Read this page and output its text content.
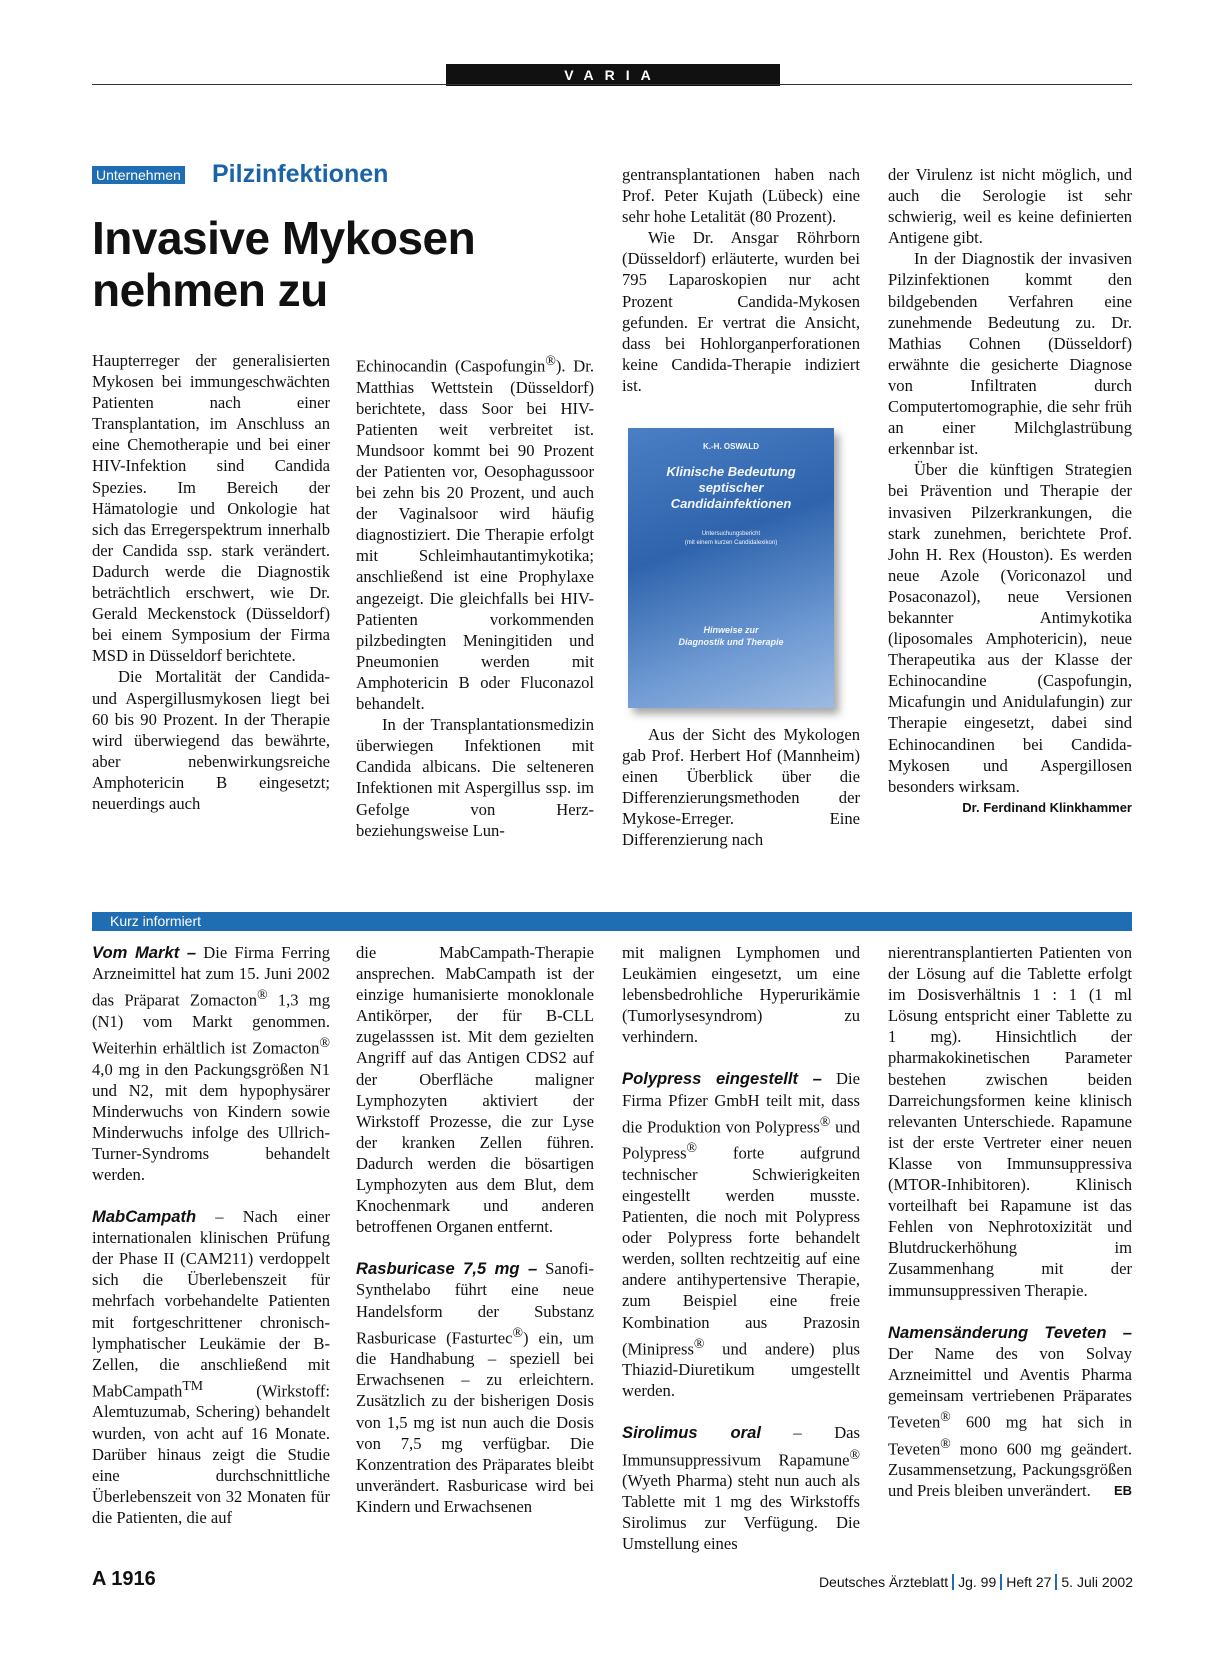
VARIA
Unternehmen Pilzinfektionen
Invasive Mykosen
nehmen zu

Haupterreger der generalisierten Mykosen bei immungeschwächten Patienten nach einer Transplantation, im Anschluss an eine Chemotherapie und bei einer HIV-Infektion sind Candida Spezies. Im Bereich der Hämatologie und Onkologie hat sich das Erregerspektrum innerhalb der Candida ssp. stark verändert. Dadurch werde die Diagnostik beträchtlich erschwert, wie Dr. Gerald Meckenstock (Düsseldorf) bei einem Symposium der Firma MSD in Düsseldorf berichtete.

Die Mortalität der Candida- und Aspergillusmykosen liegt bei 60 bis 90 Prozent. In der Therapie wird überwiegend das bewährte, aber nebenwirkungsreiche Amphotericin B eingesetzt; neuerdings auch

Echinocandin (Caspofungin®). Dr. Matthias Wettstein (Düsseldorf) berichtete, dass Soor bei HIV-Patienten weit verbreitet ist. Mundsoor kommt bei 90 Prozent der Patienten vor, Oesophagussoor bei zehn bis 20 Prozent, und auch der Vaginalsoor wird häufig diagnostiziert. Die Therapie erfolgt mit Schleimhautantimykotika; anschließend ist eine Prophylaxe angezeigt. Die gleichfalls bei HIV-Patienten vorkommenden pilzbedingten Meningitiden und Pneumonien werden mit Amphotericin B oder Fluconazol behandelt.

In der Transplantationsmedizin überwiegen Infektionen mit Candida albicans. Die selteneren Infektionen mit Aspergillus ssp. im Gefolge von Herz- beziehungsweise Lun-

gentransplantationen haben nach Prof. Peter Kujath (Lübeck) eine sehr hohe Letalität (80 Prozent).

Wie Dr. Ansgar Röhrborn (Düsseldorf) erläuterte, wurden bei 795 Laparoskopien nur acht Prozent Candida-Mykosen gefunden. Er vertrat die Ansicht, dass bei Hohlorganperforationen keine Candida-Therapie indiziert ist.

K.-H. OSWALD
Klinische Bedeutung
septischer
Candidainfektionen
Untersuchungsbericht
(mit einem kurzen Candidalexikon)
Hinweise zur
Diagnostik und Therapie

Aus der Sicht des Mykologen gab Prof. Herbert Hof (Mannheim) einen Überblick über die Differenzierungsmethoden der Mykose-Erreger. Eine Differenzierung nach

der Virulenz ist nicht möglich, und auch die Serologie ist sehr schwierig, weil es keine definierten Antigene gibt.

In der Diagnostik der invasiven Pilzinfektionen kommt den bildgebenden Verfahren eine zunehmende Bedeutung zu. Dr. Mathias Cohnen (Düsseldorf) erwähnte die gesicherte Diagnose von Infiltraten durch Computertomographie, die sehr früh an einer Milchglastrübung erkennbar ist.

Über die künftigen Strategien bei Prävention und Therapie der invasiven Pilzerkrankungen, die stark zunehmen, berichtete Prof. John H. Rex (Houston). Es werden neue Azole (Voriconazol und Posaconazol), neue Versionen bekannter Antimykotika (liposomales Amphotericin), neue Therapeutika aus der Klasse der Echinocandine (Caspofungin, Micafungin und Anidulafungin) zur Therapie eingesetzt, dabei sind Echinocandinen bei Candida-Mykosen und Aspergillosen besonders wirksam.
Dr. Ferdinand Klinkhammer

Kurz informiert

Vom Markt – Die Firma Ferring Arzneimittel hat zum 15. Juni 2002 das Präparat Zomacton® 1,3 mg (N1) vom Markt genommen. Weiterhin erhältlich ist Zomacton® 4,0 mg in den Packungsgrößen N1 und N2, mit dem hypophysärer Minderwuchs von Kindern sowie Minderwuchs infolge des Ullrich-Turner-Syndroms behandelt werden.

MabCampath – Nach einer internationalen klinischen Prüfung der Phase II (CAM211) verdoppelt sich die Überlebenszeit für mehrfach vorbehandelte Patienten mit fortgeschrittener chronisch-lymphatischer Leukämie der B-Zellen, die anschließend mit MabCampath™ (Wirkstoff: Alemtuzumab, Schering) behandelt wurden, von acht auf 16 Monate. Darüber hinaus zeigt die Studie eine durchschnittliche Überlebenszeit von 32 Monaten für die Patienten, die auf

die MabCampath-Therapie ansprechen. MabCampath ist der einzige humanisierte monoklonale Antikörper, der für B-CLL zugelasssen ist. Mit dem gezielten Angriff auf das Antigen CDS2 auf der Oberfläche maligner Lymphozyten aktiviert der Wirkstoff Prozesse, die zur Lyse der kranken Zellen führen. Dadurch werden die bösartigen Lymphozyten aus dem Blut, dem Knochenmark und anderen betroffenen Organen entfernt.

Rasburicase 7,5 mg – Sanofi-Synthelabo führt eine neue Handelsform der Substanz Rasburicase (Fasturtec®) ein, um die Handhabung – speziell bei Erwachsenen – zu erleichtern. Zusätzlich zu der bisherigen Dosis von 1,5 mg ist nun auch die Dosis von 7,5 mg verfügbar. Die Konzentration des Präparates bleibt unverändert. Rasburicase wird bei Kindern und Erwachsenen

mit malignen Lymphomen und Leukämien eingesetzt, um eine lebensbedrohliche Hyperurikämie (Tumorlysesyndrom) zu verhindern.

Polypress eingestellt – Die Firma Pfizer GmbH teilt mit, dass die Produktion von Polypress® und Polypress® forte aufgrund technischer Schwierigkeiten eingestellt werden musste. Patienten, die noch mit Polypress oder Polypress forte behandelt werden, sollten rechtzeitig auf eine andere antihypertensive Therapie, zum Beispiel eine freie Kombination aus Prazosin (Minipress® und andere) plus Thiazid-Diuretikum umgestellt werden.

Sirolimus oral – Das Immunsuppressivum Rapamune® (Wyeth Pharma) steht nun auch als Tablette mit 1 mg des Wirkstoffs Sirolimus zur Verfügung. Die Umstellung eines

nierentransplantierten Patienten von der Lösung auf die Tablette erfolgt im Dosisverhältnis 1 : 1 (1 ml Lösung entspricht einer Tablette zu 1 mg). Hinsichtlich der pharmakokinetischen Parameter bestehen zwischen beiden Darreichungsformen keine klinisch relevanten Unterschiede. Rapamune ist der erste Vertreter einer neuen Klasse von Immunsuppressiva (MTOR-Inhibitoren). Klinisch vorteilhaft bei Rapamune ist das Fehlen von Nephrotoxizität und Blutdruckerhöhung im Zusammenhang mit der immunsuppressiven Therapie.

Namensänderung Teveten – Der Name des von Solvay Arzneimittel und Aventis Pharma gemeinsam vertriebenen Präparates Teveten® 600 mg hat sich in Teveten® mono 600 mg geändert. Zusammensetzung, Packungsgrößen und Preis bleiben unverändert. EB

A 1916	Deutsches Ärzteblatt Jg. 99 Heft 27 5. Juli 2002
